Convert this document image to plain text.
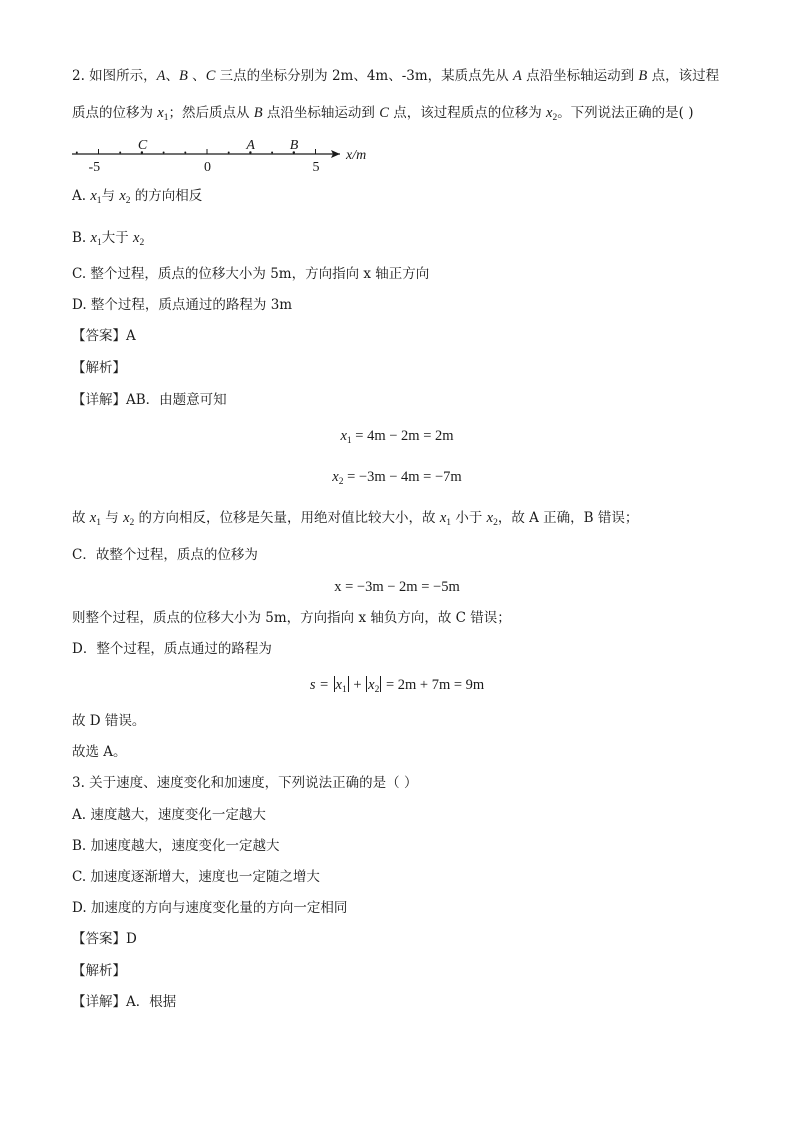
2. 如图所示，A、B 、C 三点的坐标分别为 2m、4m、-3m，某质点先从 A 点沿坐标轴运动到 B 点，该过程
质点的位移为 $x_1$；然后质点从 B 点沿坐标轴运动到 C 点，该过程质点的位移为 $x_2$。下列说法正确的是( )
-5	0	5
C	A B
x/m
A. $x_1$与 $x_2$ 的方向相反
B. $x_1$大于 $x_2$
C. 整个过程，质点的位移大小为 5m，方向指向 x 轴正方向
D. 整个过程，质点通过的路程为 3m
【答案】A
【解析】
【详解】AB．由题意可知
$x_1 = 4m - 2m = 2m$
$x_2 = -3m - 4m = -7m$
故 $x_1$ 与 $x_2$ 的方向相反，位移是矢量，用绝对值比较大小，故 $x_1$ 小于 $x_2$，故 A 正确，B 错误；
C．故整个过程，质点的位移为
x = −3m − 2m = −5m
则整个过程，质点的位移大小为 5m，方向指向 x 轴负方向，故 C 错误；
D．整个过程，质点通过的路程为
$s = x_1 + x_2 = 2m + 7m = 9m$
故 D 错误。
故选 A。
3. 关于速度、速度变化和加速度，下列说法正确的是（ ）
A. 速度越大，速度变化一定越大
B. 加速度越大，速度变化一定越大
C. 加速度逐渐增大，速度也一定随之增大
D. 加速度的方向与速度变化量的方向一定相同
【答案】D
【解析】
【详解】A．根据
